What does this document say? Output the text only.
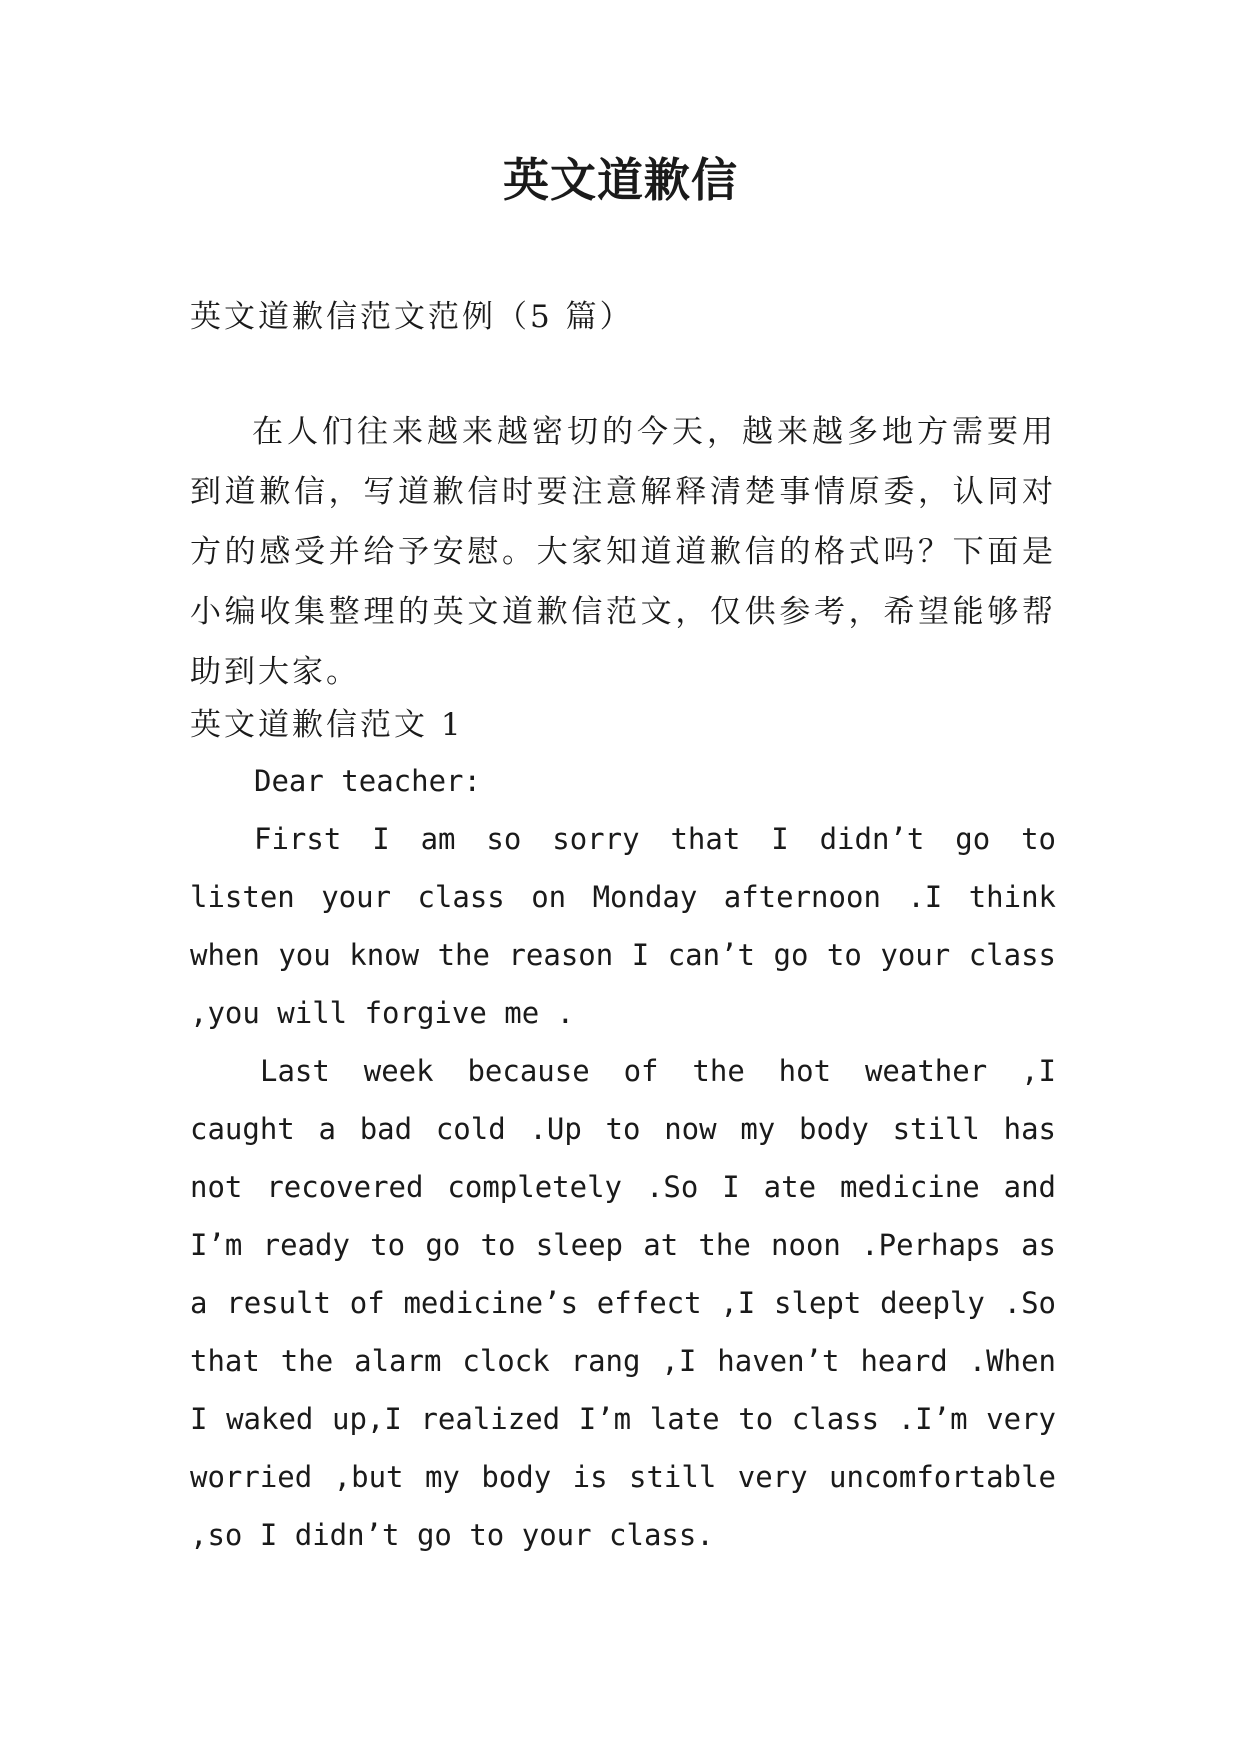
英文道歉信
英文道歉信范文范例（5 篇）
在人们往来越来越密切的今天，越来越多地方需要用到道歉信，写道歉信时要注意解释清楚事情原委，认同对方的感受并给予安慰。大家知道道歉信的格式吗？下面是小编收集整理的英文道歉信范文，仅供参考，希望能够帮助到大家。
英文道歉信范文 1
Dear teacher:
First I am so sorry that I didn’t go to listen your class on Monday afternoon .I think when you know the reason I can’t go to your class ,you will forgive me .
Last week because of the hot weather ,I caught a bad cold .Up to now my body still has not recovered completely .So I ate medicine and I’m ready to go to sleep at the noon .Perhaps as a result of medicine’s effect ,I slept deeply .So that the alarm clock rang ,I haven’t heard .When I waked up,I realized I’m late to class .I’m very worried ,but my body is still very uncomfortable ,so I didn’t go to your class.
